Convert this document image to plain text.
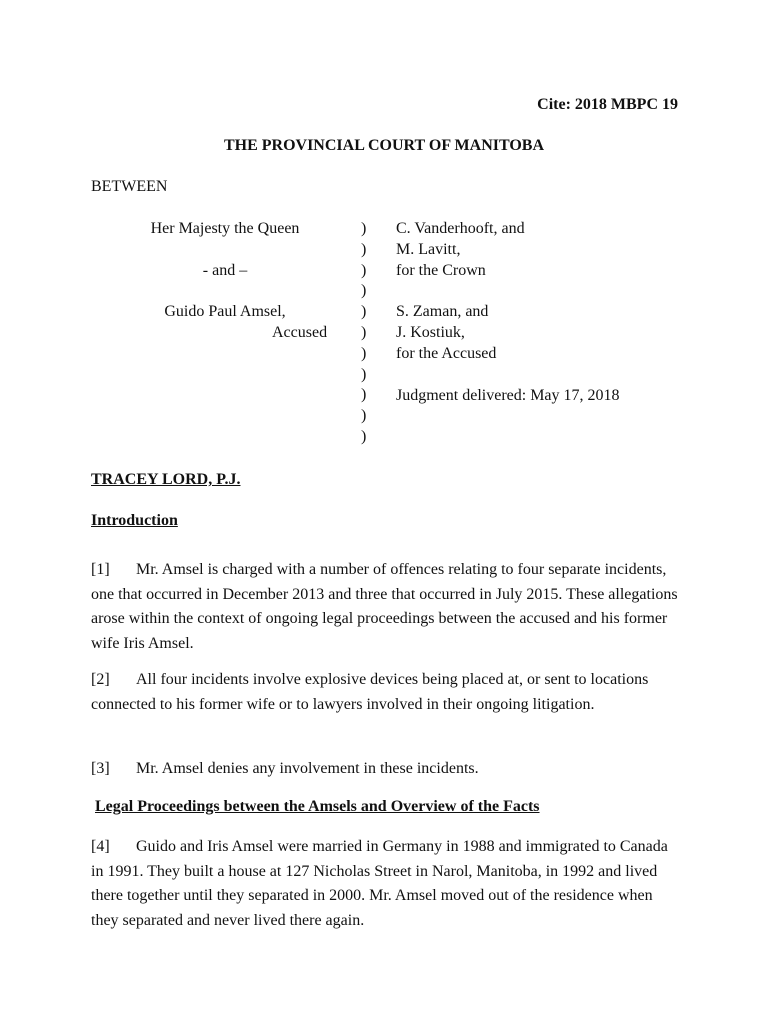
Cite: 2018 MBPC 19
THE PROVINCIAL COURT OF MANITOBA
BETWEEN
Her Majesty the Queen
- and –
Guido Paul Amsel,
Accused
)
)
)
)
)
)
)
)
)
)
)
C. Vanderhooft, and
M. Lavitt,
for the Crown
S. Zaman, and
J. Kostiuk,
for the Accused
Judgment delivered: May 17, 2018
TRACEY LORD, P.J.
Introduction
[1] Mr. Amsel is charged with a number of offences relating to four separate incidents, one that occurred in December 2013 and three that occurred in July 2015. These allegations arose within the context of ongoing legal proceedings between the accused and his former wife Iris Amsel.
[2] All four incidents involve explosive devices being placed at, or sent to locations connected to his former wife or to lawyers involved in their ongoing litigation.
[3] Mr. Amsel denies any involvement in these incidents.
Legal Proceedings between the Amsels and Overview of the Facts
[4] Guido and Iris Amsel were married in Germany in 1988 and immigrated to Canada in 1991. They built a house at 127 Nicholas Street in Narol, Manitoba, in 1992 and lived there together until they separated in 2000. Mr. Amsel moved out of the residence when they separated and never lived there again.
